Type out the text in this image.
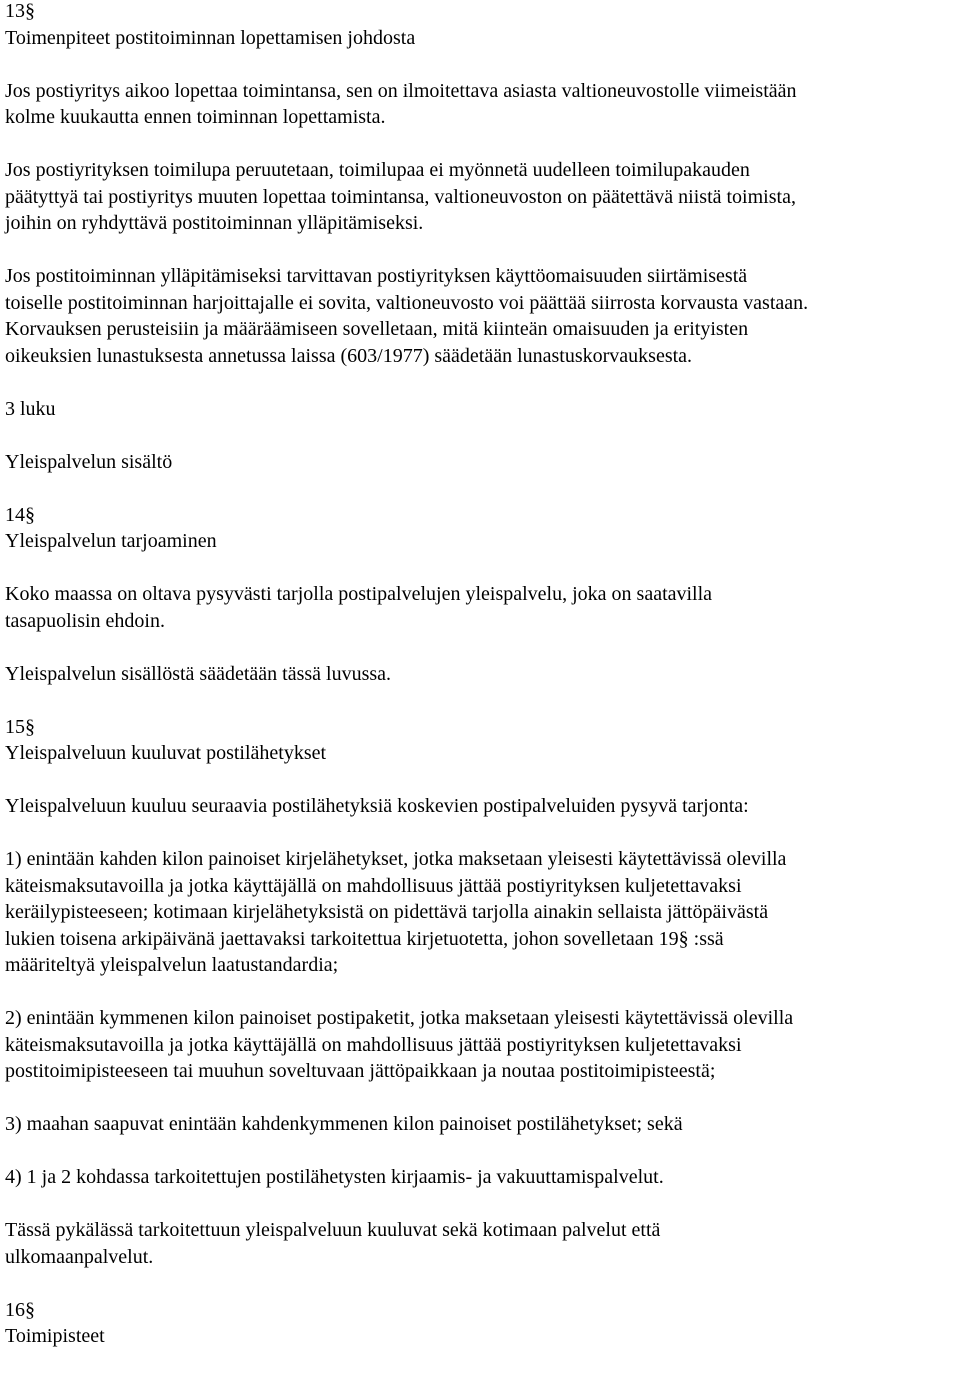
13§
Toimenpiteet postitoiminnan lopettamisen johdosta
Jos postiyritys aikoo lopettaa toimintansa, sen on ilmoitettava asiasta valtioneuvostolle viimeistään
kolme kuukautta ennen toiminnan lopettamista.
Jos postiyrityksen toimilupa peruutetaan, toimilupaa ei myönnetä uudelleen toimilupakauden
päätyttyä tai postiyritys muuten lopettaa toimintansa, valtioneuvoston on päätettävä niistä toimista,
joihin on ryhdyttävä postitoiminnan ylläpitämiseksi.
Jos postitoiminnan ylläpitämiseksi tarvittavan postiyrityksen käyttöomaisuuden siirtämisestä
toiselle postitoiminnan harjoittajalle ei sovita, valtioneuvosto voi päättää siirrosta korvausta vastaan.
Korvauksen perusteisiin ja määräämiseen sovelletaan, mitä kiinteän omaisuuden ja erityisten
oikeuksien lunastuksesta annetussa laissa (603/1977) säädetään lunastuskorvauksesta.
3 luku
Yleispalvelun sisältö
14§
Yleispalvelun tarjoaminen
Koko maassa on oltava pysyvästi tarjolla postipalvelujen yleispalvelu, joka on saatavilla
tasapuolisin ehdoin.
Yleispalvelun sisällöstä säädetään tässä luvussa.
15§
Yleispalveluun kuuluvat postilähetykset
Yleispalveluun kuuluu seuraavia postilähetyksiä koskevien postipalveluiden pysyvä tarjonta:
1) enintään kahden kilon painoiset kirjelähetykset, jotka maksetaan yleisesti käytettävissä olevilla
käteismaksutavoilla ja jotka käyttäjällä on mahdollisuus jättää postiyrityksen kuljetettavaksi
keräilypisteeseen; kotimaan kirjelähetyksistä on pidettävä tarjolla ainakin sellaista jättöpäivästä
lukien toisena arkipäivänä jaettavaksi tarkoitettua kirjetuotetta, johon sovelletaan 19§ :ssä
määriteltyä yleispalvelun laatustandardia;
2) enintään kymmenen kilon painoiset postipaketit, jotka maksetaan yleisesti käytettävissä olevilla
käteismaksutavoilla ja jotka käyttäjällä on mahdollisuus jättää postiyrityksen kuljetettavaksi
postitoimipisteeseen tai muuhun soveltuvaan jättöpaikkaan ja noutaa postitoimipisteestä;
3) maahan saapuvat enintään kahdenkymmenen kilon painoiset postilähetykset; sekä
4) 1 ja 2 kohdassa tarkoitettujen postilähetysten kirjaamis- ja vakuuttamispalvelut.
Tässä pykälässä tarkoitettuun yleispalveluun kuuluvat sekä kotimaan palvelut että
ulkomaanpalvelut.
16§
Toimipisteet
